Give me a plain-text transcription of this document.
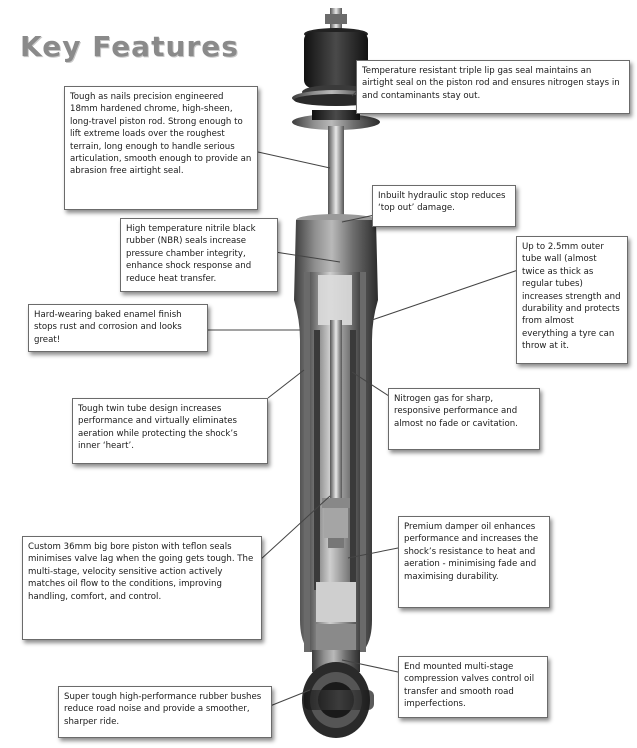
Key Features
Temperature resistant triple lip gas seal maintains an airtight seal on the piston rod and ensures nitrogen stays in and contaminants stay out.
Tough as nails precision engineered 18mm hardened chrome, high-sheen, long-travel piston rod. Strong enough to lift extreme loads over the roughest terrain, long enough to handle serious articulation, smooth enough to provide an abrasion free airtight seal.
Inbuilt hydraulic stop reduces ‘top out’ damage.
High temperature nitrile black rubber (NBR) seals increase pressure chamber integrity, enhance shock response and reduce heat transfer.
Up to 2.5mm outer tube wall (almost twice as thick as regular tubes) increases strength and durability and protects from almost everything a tyre can throw at it.
Hard-wearing baked enamel finish stops rust and corrosion and looks great!
Tough twin tube design increases performance and virtually eliminates aeration while protecting the shock’s inner ‘heart’.
Nitrogen gas for sharp, responsive performance and almost no fade or cavitation.
Premium damper oil enhances performance and increases the shock’s resistance to heat and aeration - minimising fade and maximising durability.
Custom 36mm big bore piston with teflon seals minimises valve lag when the going gets tough. The multi-stage, velocity sensitive action actively matches oil flow to the conditions, improving handling, comfort, and control.
End mounted multi-stage compression valves control oil transfer and smooth road imperfections.
Super tough high-performance rubber bushes reduce road noise and provide a smoother, sharper ride.
